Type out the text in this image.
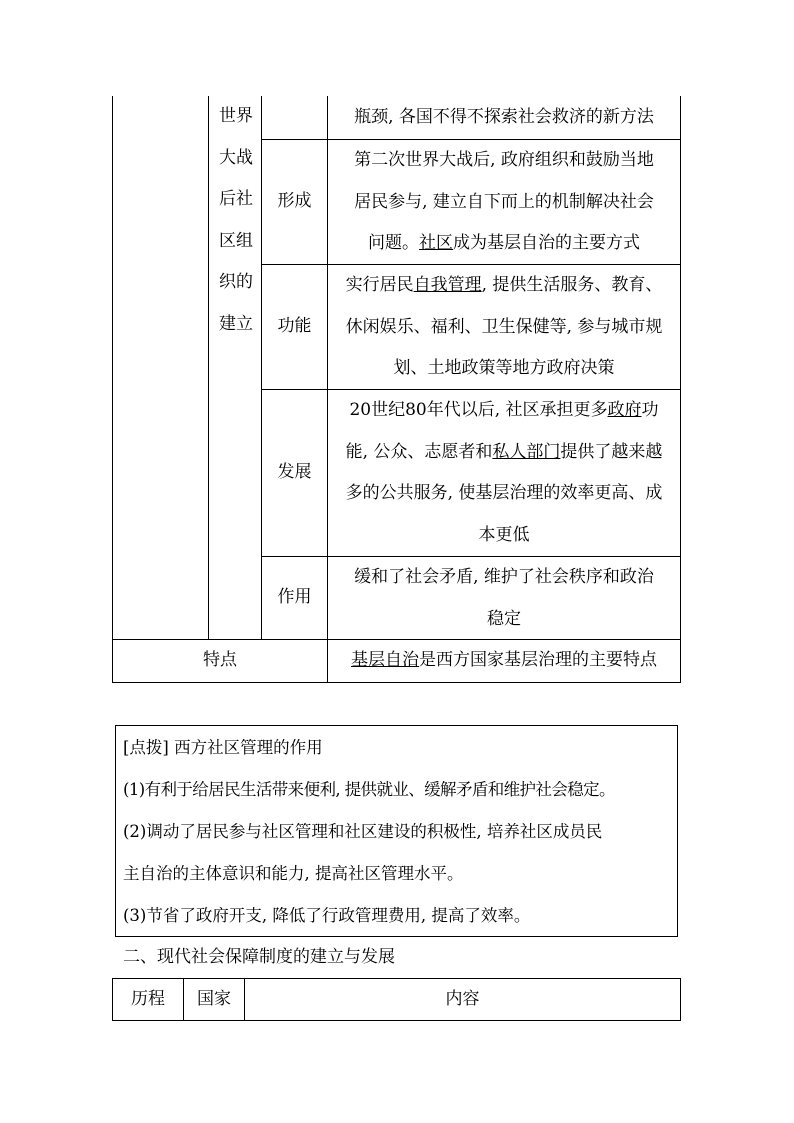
世界
大战
后社
区组
织的
建立
形成
功能
发展
作用
特点
瓶颈, 各国不得不探索社会救济的新方法
第二次世界大战后, 政府组织和鼓励当地
居民参与, 建立自下而上的机制解决社会
问题。社区成为基层自治的主要方式
实行居民自我管理, 提供生活服务、教育、
休闲娱乐、福利、卫生保健等, 参与城市规
划、土地政策等地方政府决策
20世纪80年代以后, 社区承担更多政府功
能, 公众、志愿者和私人部门提供了越来越
多的公共服务, 使基层治理的效率更高、成
本更低
缓和了社会矛盾, 维护了社会秩序和政治
稳定
基层自治是西方国家基层治理的主要特点
[点拨] 西方社区管理的作用
(1)有利于给居民生活带来便利, 提供就业、缓解矛盾和维护社会稳定。
(2)调动了居民参与社区管理和社区建设的积极性, 培养社区成员民
主自治的主体意识和能力, 提高社区管理水平。
(3)节省了政府开支, 降低了行政管理费用, 提高了效率。
二、现代社会保障制度的建立与发展
历程	国家	内容
